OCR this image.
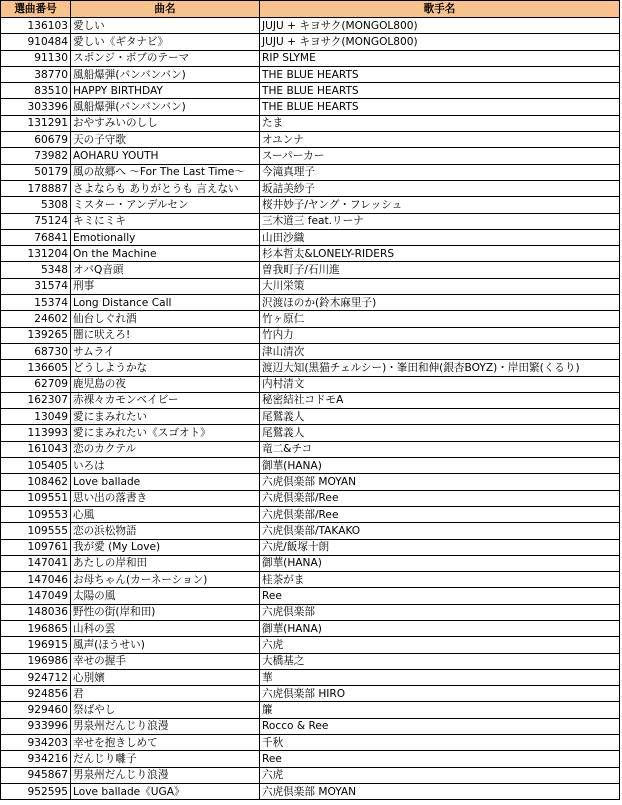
選曲番号	曲名	歌手名
136103	愛しい	JUJU + キヨサク(MONGOL800)
910484	愛しい《ギタナビ》	JUJU + キヨサク(MONGOL800)
91130	スポンジ・ボブのテーマ	RIP SLYME
38770	風船爆弾(バンバンバン)	THE BLUE HEARTS
83510	HAPPY BIRTHDAY	THE BLUE HEARTS
303396	風船爆弾(バンバンバン)	THE BLUE HEARTS
131291	おやすみいのしし	たま
60679	天の子守歌	オユンナ
73982	AOHARU YOUTH	スーパーカー
50179	風の故郷へ 〜For The Last Time〜	今滝真理子
178887	さよならも ありがとうも 言えない	坂詰美紗子
5308	ミスター・アンデルセン	桜井妙子/ヤング・フレッシュ
75124	キミにミキ	三木道三 feat.リーナ
76841	Emotionally	山田沙織
131204	On the Machine	杉本哲太&LONELY-RIDERS
5348	オバQ音頭	曽我町子/石川進
31574	刑事	大川栄策
15374	Long Distance Call	沢渡ほのか(鈴木麻里子)
24602	仙台しぐれ酒	竹ヶ原仁
139265	闇に吠えろ!	竹内力
68730	サムライ	津山清次
136605	どうしようかな	渡辺大知(黒猫チェルシー)・峯田和伸(銀杏BOYZ)・岸田繁(くるり)
62709	鹿児島の夜	内村清文
162307	赤裸々カモンベイビー	秘密結社コドモA
13049	愛にまみれたい	尾鷲義人
113993	愛にまみれたい《スゴオト》	尾鷲義人
161043	恋のカクテル	竜二&チコ
105405	いろは	御華(HANA)
108462	Love ballade	六虎倶楽部 MOYAN
109551	思い出の落書き	六虎倶楽部/Ree
109553	心風	六虎倶楽部/Ree
109555	恋の浜松物語	六虎倶楽部/TAKAKO
109761	我が愛 (My Love)	六虎/飯塚十朗
147041	あたしの岸和田	御華(HANA)
147046	お母ちゃん(カーネーション)	桂茶がま
147049	太陽の風	Ree
148036	野性の街(岸和田)	六虎倶楽部
196865	山科の雲	御華(HANA)
196915	風声(ほうせい)	六虎
196986	幸せの握手	大橋基之
924712	心別嬪	華
924856	君	六虎倶楽部 HIRO
929460	祭ばやし	簾
933996	男泉州だんじり浪漫	Rocco & Ree
934203	幸せを抱きしめて	千秋
934216	だんじり囃子	Ree
945867	男泉州だんじり浪漫	六虎
952595	Love ballade《UGA》	六虎倶楽部 MOYAN
